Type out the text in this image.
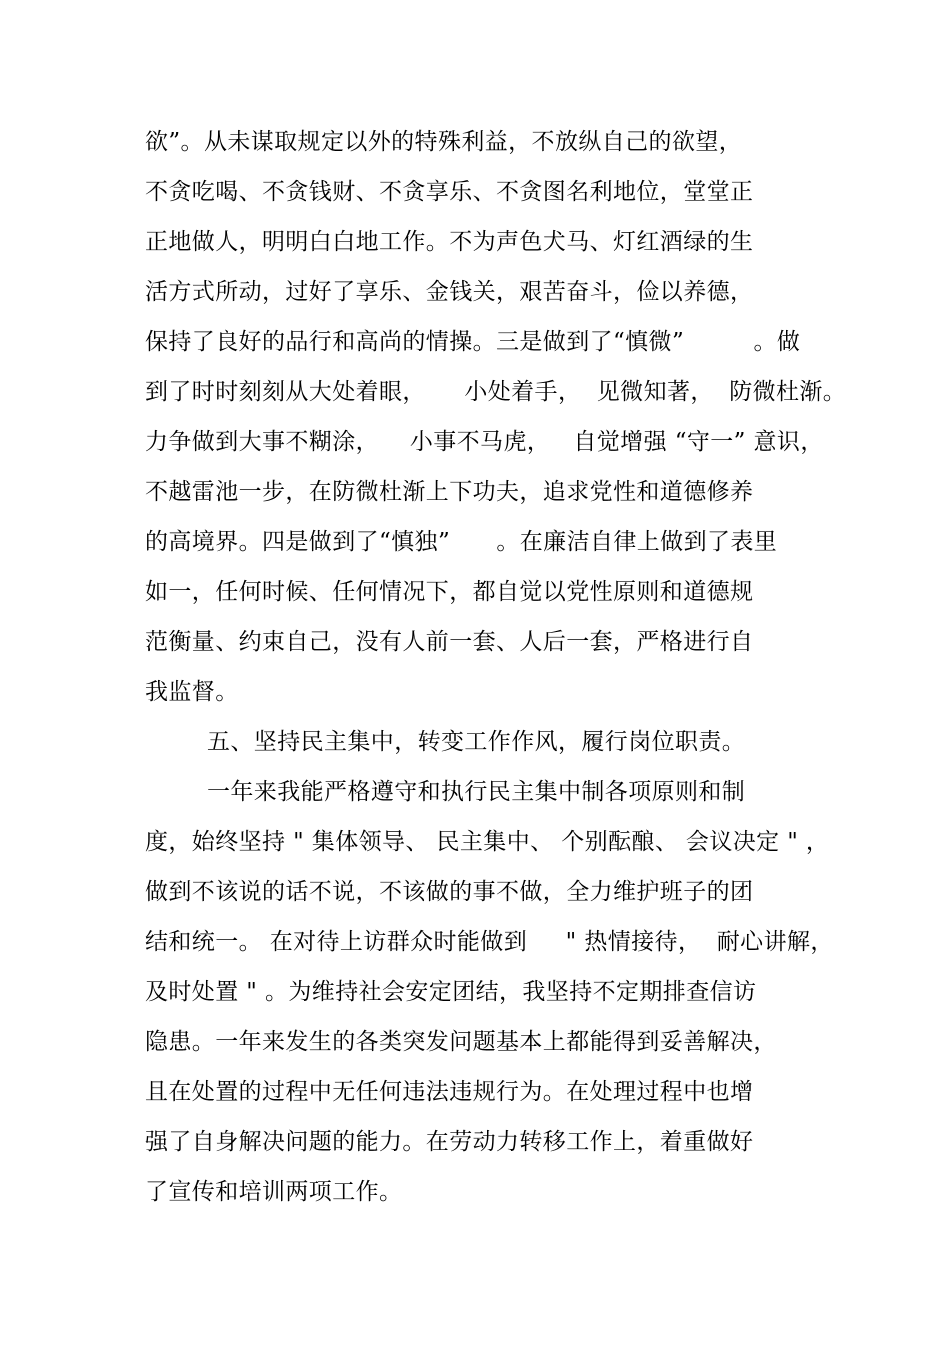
欲”。从未谋取规定以外的特殊利益，不放纵自己的欲望，
不贪吃喝、不贪钱财、不贪享乐、不贪图名利地位，堂堂正
正地做人，明明白白地工作。不为声色犬马、灯红酒绿的生
活方式所动，过好了享乐、金钱关，艰苦奋斗，俭以养德，
保持了良好的品行和高尚的情操。三是做到了“慎微”         。做
到了时时刻刻从大处着眼，     小处着手，  见微知著，  防微杜渐。
力争做到大事不糊涂，    小事不马虎，   自觉增强 “守一” 意识，
不越雷池一步，在防微杜渐上下功夫，追求党性和道德修养
的高境界。四是做到了“慎独”      。在廉洁自律上做到了表里
如一，任何时候、任何情况下，都自觉以党性原则和道德规
范衡量、约束自己，没有人前一套、人后一套，严格进行自
我监督。
五、坚持民主集中，转变工作作风，履行岗位职责。
一年来我能严格遵守和执行民主集中制各项原则和制
度，始终坚持 " 集体领导、 民主集中、 个别酝酿、 会议决定 " ，
做到不该说的话不说，不该做的事不做，全力维护班子的团
结和统一。 在对待上访群众时能做到     " 热情接待，  耐心讲解，
及时处置 " 。为维持社会安定团结，我坚持不定期排查信访
隐患。一年来发生的各类突发问题基本上都能得到妥善解决，
且在处置的过程中无任何违法违规行为。在处理过程中也增
强了自身解决问题的能力。在劳动力转移工作上，着重做好
了宣传和培训两项工作。
